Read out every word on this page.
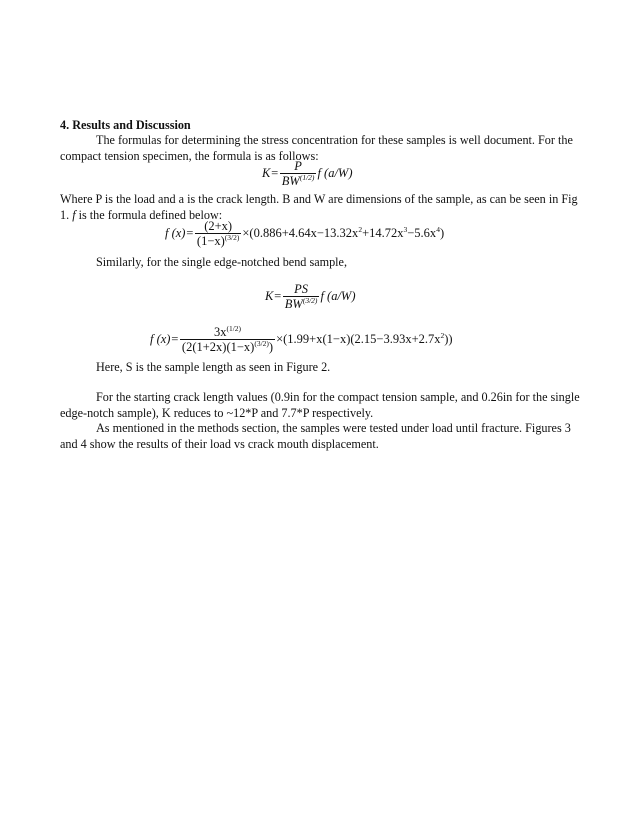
4. Results and Discussion
The formulas for determining the stress concentration for these samples is well document. For the compact tension specimen, the formula is as follows:
$K= \frac{P}{BW^{(1/2)}}$ f (a/W)
Where P is the load and a is the crack length. B and W are dimensions of the sample, as can be seen in Fig 1. f is the formula defined below:
f $(x)= \frac{(2+x)}{(1-x)^{(3/2)}} \times(0.886+4.64x-13.32x^2+14.72x^3-5.6x^4)$
Similarly, for the single edge-notched bend sample,
$K= \frac{PS}{BW^{(3/2)}}$ f (a/W)
f $(x)= \frac{3x^{(1/2)}}{(2(1+2x)(1-x)^{(3/2)})} \times(1.99+x(1-x)(2.15-3.93x+2.7x^2))$
Here, S is the sample length as seen in Figure 2.
For the starting crack length values (0.9in for the compact tension sample, and 0.26in for the single edge-notch sample), K reduces to ~12*P and 7.7*P respectively.
As mentioned in the methods section, the samples were tested under load until fracture. Figures 3 and 4 show the results of their load vs crack mouth displacement.
